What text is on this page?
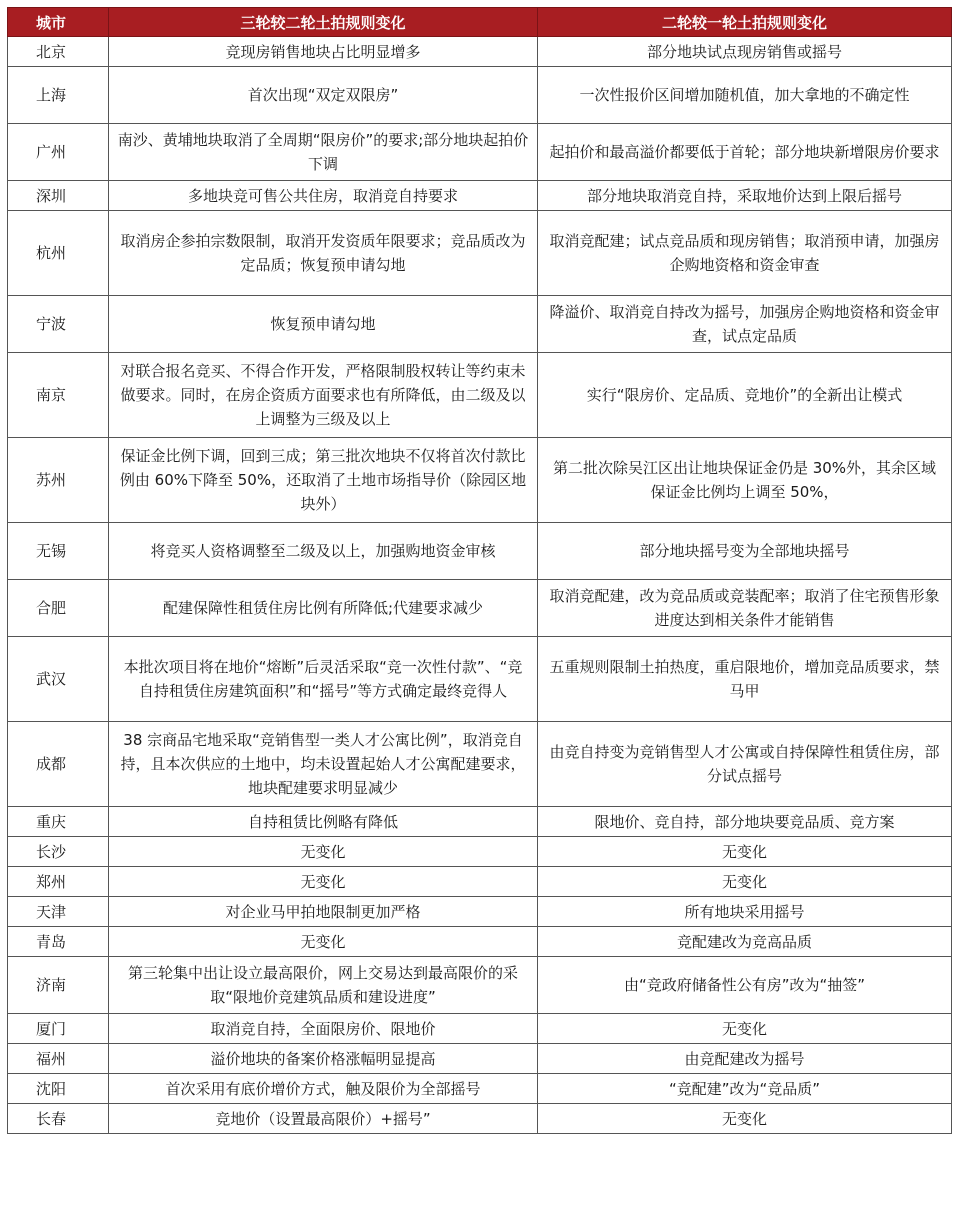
城市	三轮较二轮土拍规则变化	二轮较一轮土拍规则变化
北京	竞现房销售地块占比明显增多	部分地块试点现房销售或摇号
上海	首次出现“双定双限房”	一次性报价区间增加随机值，加大拿地的不确定性
广州	南沙、黄埔地块取消了全周期“限房价”的要求;部分地块起拍价下调	起拍价和最高溢价都要低于首轮；部分地块新增限房价要求
深圳	多地块竞可售公共住房，取消竞自持要求	部分地块取消竞自持，采取地价达到上限后摇号
杭州	取消房企参拍宗数限制，取消开发资质年限要求；竞品质改为定品质；恢复预申请勾地	取消竞配建；试点竞品质和现房销售；取消预申请，加强房企购地资格和资金审查
宁波	恢复预申请勾地	降溢价、取消竞自持改为摇号，加强房企购地资格和资金审查，试点定品质
南京	对联合报名竞买、不得合作开发，严格限制股权转让等约束未做要求。同时，在房企资质方面要求也有所降低，由二级及以上调整为三级及以上	实行“限房价、定品质、竞地价”的全新出让模式
苏州	保证金比例下调，回到三成；第三批次地块不仅将首次付款比例由 60%下降至 50%，还取消了土地市场指导价（除园区地块外）	第二批次除吴江区出让地块保证金仍是 30%外，其余区域保证金比例均上调至 50%，
无锡	将竞买人资格调整至二级及以上，加强购地资金审核	部分地块摇号变为全部地块摇号
合肥	配建保障性租赁住房比例有所降低;代建要求减少	取消竞配建，改为竞品质或竞装配率；取消了住宅预售形象进度达到相关条件才能销售
武汉	本批次项目将在地价“熔断”后灵活采取“竞一次性付款”、“竞自持租赁住房建筑面积”和“摇号”等方式确定最终竞得人	五重规则限制土拍热度，重启限地价，增加竞品质要求，禁马甲
成都	38 宗商品宅地采取“竞销售型一类人才公寓比例”，取消竞自持，且本次供应的土地中，均未设置起始人才公寓配建要求，地块配建要求明显减少	由竞自持变为竞销售型人才公寓或自持保障性租赁住房，部分试点摇号
重庆	自持租赁比例略有降低	限地价、竞自持，部分地块要竞品质、竞方案
长沙	无变化	无变化
郑州	无变化	无变化
天津	对企业马甲拍地限制更加严格	所有地块采用摇号
青岛	无变化	竞配建改为竞高品质
济南	第三轮集中出让设立最高限价，网上交易达到最高限价的采取“限地价竞建筑品质和建设进度”	由“竞政府储备性公有房”改为“抽签”
厦门	取消竞自持，全面限房价、限地价	无变化
福州	溢价地块的备案价格涨幅明显提高	由竞配建改为摇号
沈阳	首次采用有底价增价方式，触及限价为全部摇号	“竞配建”改为“竞品质”
长春	竞地价（设置最高限价）+摇号”	无变化
